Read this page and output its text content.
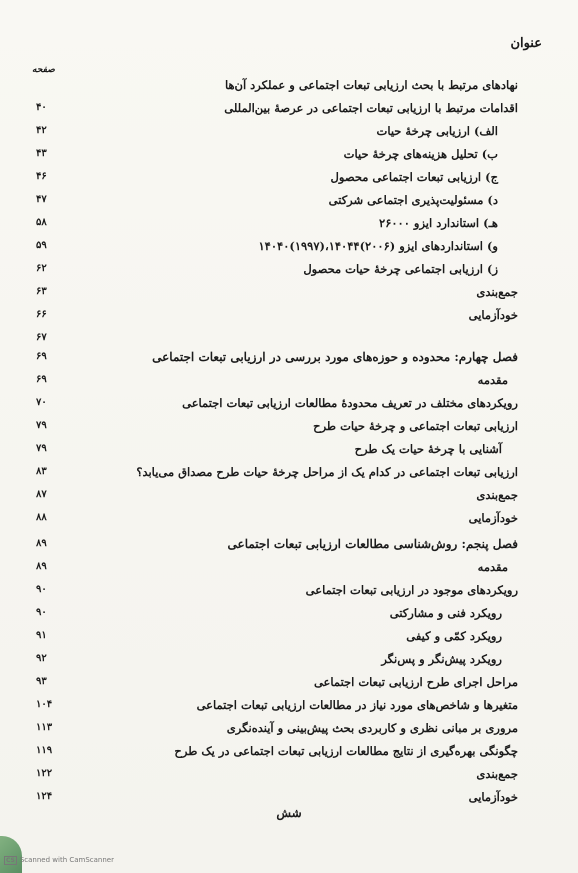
عنوان
صفحه
نهادهای مرتبط با بحث ارزیابی تبعات اجتماعی و عملکرد آن‌ها
اقدامات مرتبط با ارزیابی تبعات اجتماعی در عرصهٔ بین‌المللی
۴۰
الف) ارزیابی چرخهٔ حیات
۴۲
ب) تحلیل هزینه‌های چرخهٔ حیات
۴۳
ج) ارزیابی تبعات اجتماعی محصول
۴۶
د) مسئولیت‌پذیری اجتماعی شرکتی
۴۷
هـ) استاندارد ایزو ۲۶۰۰۰
۵۸
و) استانداردهای ایزو (۲۰۰۶)۱۴۰۴۴،(۱۹۹۷)۱۴۰۴۰
۵۹
ز) ارزیابی اجتماعی چرخهٔ حیات محصول
۶۲
جمع‌بندی
۶۳
خودآزمایی
۶۶
۶۷
فصل چهارم: محدوده و حوزه‌های مورد بررسی در ارزیابی تبعات اجتماعی
۶۹
مقدمه
۶۹
رویکردهای مختلف در تعریف محدودهٔ مطالعات ارزیابی تبعات اجتماعی
۷۰
ارزیابی تبعات اجتماعی و چرخهٔ حیات طرح
۷۹
آشنایی با چرخهٔ حیات یک طرح
۷۹
ارزیابی تبعات اجتماعی در کدام یک از مراحل چرخهٔ حیات طرح مصداق می‌یابد؟
۸۳
جمع‌بندی
۸۷
خودآزمایی
۸۸
فصل پنجم: روش‌شناسی مطالعات ارزیابی تبعات اجتماعی
۸۹
مقدمه
۸۹
رویکردهای موجود در ارزیابی تبعات اجتماعی
۹۰
رویکرد فنی و مشارکتی
۹۰
رویکرد کمّی و کیفی
۹۱
رویکرد پیش‌نگر و پس‌نگر
۹۲
مراحل اجرای طرح ارزیابی تبعات اجتماعی
۹۳
متغیرها و شاخص‌های مورد نیاز در مطالعات ارزیابی تبعات اجتماعی
۱۰۴
مروری بر مبانی نظری و کاربردی بحث پیش‌بینی و آینده‌نگری
۱۱۳
چگونگی بهره‌گیری از نتایج مطالعات ارزیابی تبعات اجتماعی در یک طرح
۱۱۹
جمع‌بندی
۱۲۲
خودآزمایی
۱۲۴
شش
CS Scanned with CamScanner
